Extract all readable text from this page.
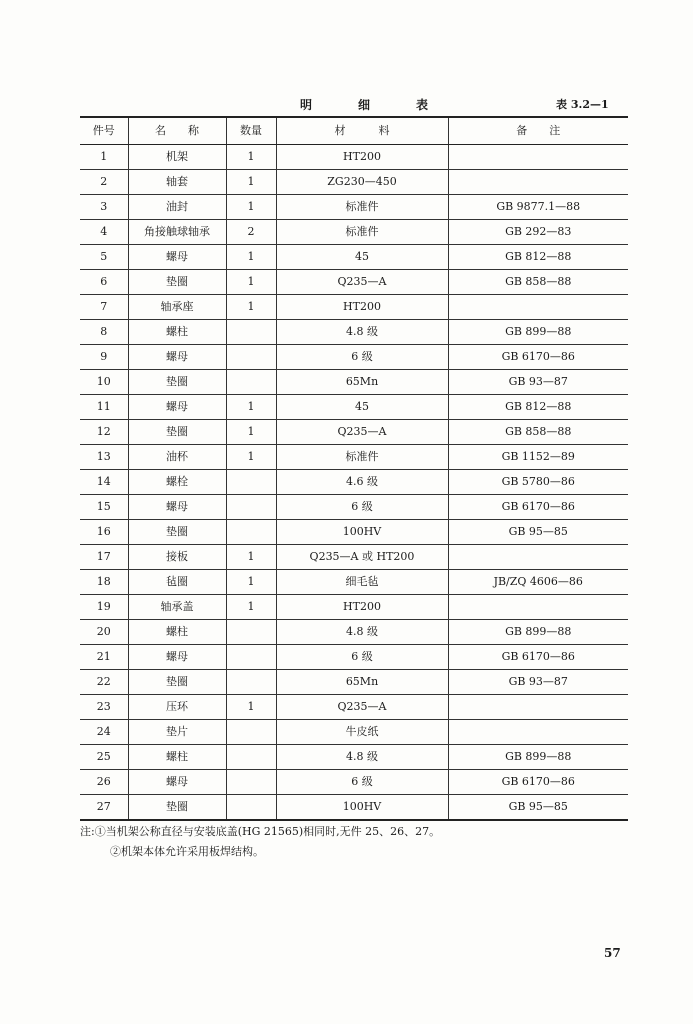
明	细	表	表 3.2—1
件号	名　　称	数量	材　　　料	备　　注
1	机架	1	HT200	
2	轴套	1	ZG230—450	
3	油封	1	标准件	GB 9877.1—88
4	角接触球轴承	2	标准件	GB 292—83
5	螺母	1	45	GB 812—88
6	垫圈	1	Q235—A	GB 858—88
7	轴承座	1	HT200	
8	螺柱		4.8 级	GB 899—88
9	螺母		6 级	GB 6170—86
10	垫圈		65Mn	GB 93—87
11	螺母	1	45	GB 812—88
12	垫圈	1	Q235—A	GB 858—88
13	油杯	1	标准件	GB 1152—89
14	螺栓		4.6 级	GB 5780—86
15	螺母		6 级	GB 6170—86
16	垫圈		100HV	GB 95—85
17	接板	1	Q235—A 或 HT200	
18	毡圈	1	细毛毡	JB/ZQ 4606—86
19	轴承盖	1	HT200	
20	螺柱		4.8 级	GB 899—88
21	螺母		6 级	GB 6170—86
22	垫圈		65Mn	GB 93—87
23	压环	1	Q235—A	
24	垫片		牛皮纸	
25	螺柱		4.8 级	GB 899—88
26	螺母		6 级	GB 6170—86
27	垫圈		100HV	GB 95—85
注:①当机架公称直径与安装底盖(HG 21565)相同时,无件 25、26、27。
②机架本体允许采用板焊结构。
57
